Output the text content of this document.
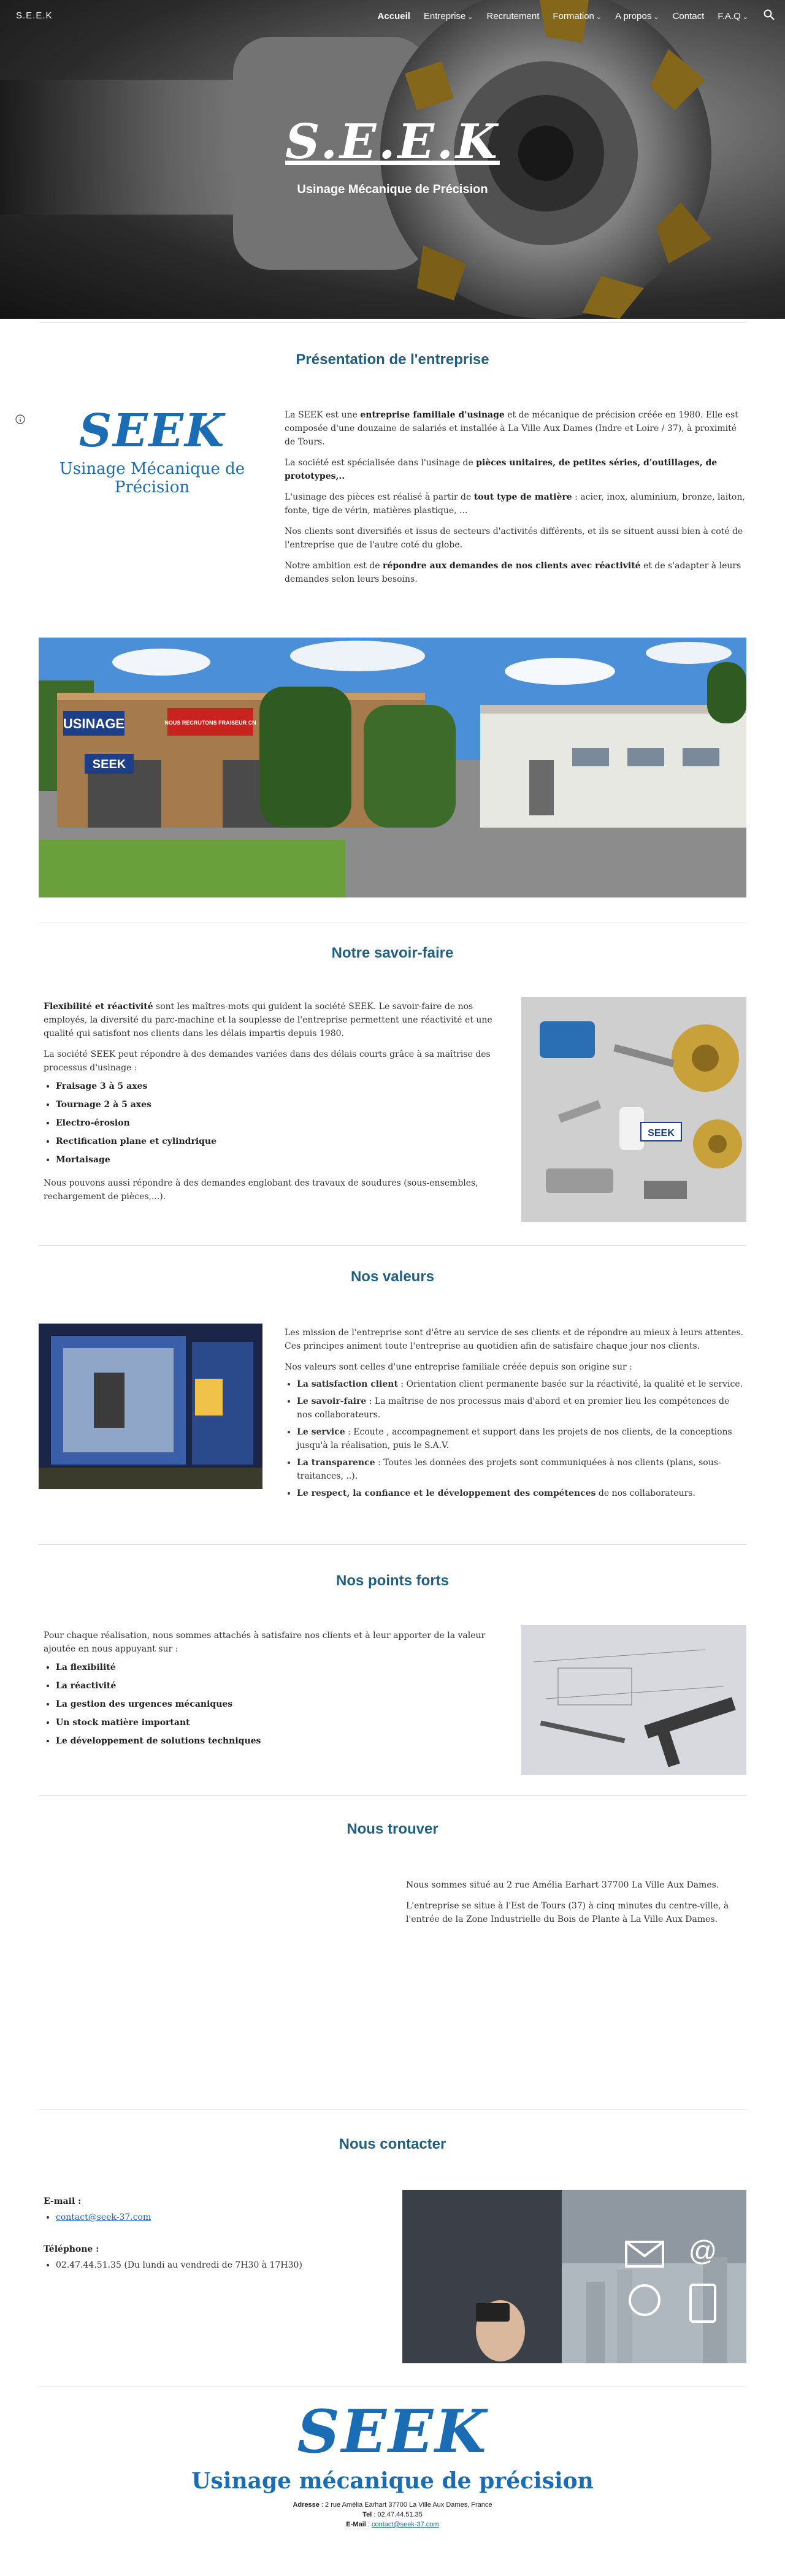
S.E.E.K
Usinage Mécanique de Précision
S.E.E.K	Accueil Entreprise ⌄ Recrutement Formation ⌄ A propos ⌄ Contact F.A.Q ⌄
Présentation de l'entreprise
SEEK
Usinage Mécanique de Précision

La SEEK est une entreprise familiale d'usinage et de mécanique de précision créée en 1980. Elle est composée d'une douzaine de salariés et installée à La Ville Aux Dames (Indre et Loire / 37), à proximité de Tours.

La société est spécialisée dans l'usinage de pièces unitaires, de petites séries, d'outillages, de prototypes,..

L'usinage des pièces est réalisé à partir de tout type de matière : acier, inox, aluminium, bronze, laiton, fonte, tige de vérin, matières plastique, ...

Nos clients sont diversifiés et issus de secteurs d'activités différents, et ils se situent aussi bien à coté de l'entreprise que de l'autre coté du globe.

Notre ambition est de répondre aux demandes de nos clients avec réactivité et de s'adapter à leurs demandes selon leurs besoins.

USINAGE
SEEK
NOUS RECRUTONS FRAISEUR CN
Notre savoir-faire

Flexibilité et réactivité sont les maîtres-mots qui guident la société SEEK. Le savoir-faire de nos employés, la diversité du parc-machine et la souplesse de l'entreprise permettent une réactivité et une qualité qui satisfont nos clients dans les délais impartis depuis 1980.

La société SEEK peut répondre à des demandes variées dans des délais courts grâce à sa maîtrise des processus d'usinage :

• Fraisage 3 à 5 axes
• Tournage 2 à 5 axes
• Electro-érosion
• Rectification plane et cylindrique
• Mortaisage

Nous pouvons aussi répondre à des demandes englobant des travaux de soudures (sous-ensembles, rechargement de pièces,...).

SEEK
Nos valeurs

Les mission de l'entreprise sont d'être au service de ses clients et de répondre au mieux à leurs attentes. Ces principes animent toute l'entreprise au quotidien afin de satisfaire chaque jour nos clients.

Nos valeurs sont celles d'une entreprise familiale créée depuis son origine sur :

• La satisfaction client : Orientation client permanente basée sur la réactivité, la qualité et le service.
• Le savoir-faire : La maîtrise de nos processus mais d'abord et en premier lieu les compétences de nos collaborateurs.
• Le service : Ecoute , accompagnement et support dans les projets de nos clients, de la conceptions jusqu'à la réalisation, puis le S.A.V.
• La transparence : Toutes les données des projets sont communiquées à nos clients (plans, sous-traitances, ..).
• Le respect, la confiance et le développement des compétences de nos collaborateurs.
Nos points forts

Pour chaque réalisation, nous sommes attachés à satisfaire nos clients et à leur apporter de la valeur ajoutée en nous appuyant sur :

• La flexibilité
• La réactivité
• La gestion des urgences mécaniques
• Un stock matière important
• Le développement de solutions techniques
Nous trouver

Nous sommes situé au 2 rue Amélia Earhart 37700 La Ville Aux Dames.

L'entreprise se situe à l'Est de Tours (37) à cinq minutes du centre-ville, à l'entrée de la Zone Industrielle du Bois de Plante à La Ville Aux Dames.

Nous contacter

E-mail :

• contact@seek-37.com

Téléphone :

• 02.47.44.51.35 (Du lundi au vendredi de 7H30 à 17H30)	@
SEEK
Usinage mécanique de précision
Adresse : 2 rue Amélia Earhart 37700 La Ville Aux Dames, France
Tel : 02.47.44.51.35
E-Mail : contact@seek-37.com
